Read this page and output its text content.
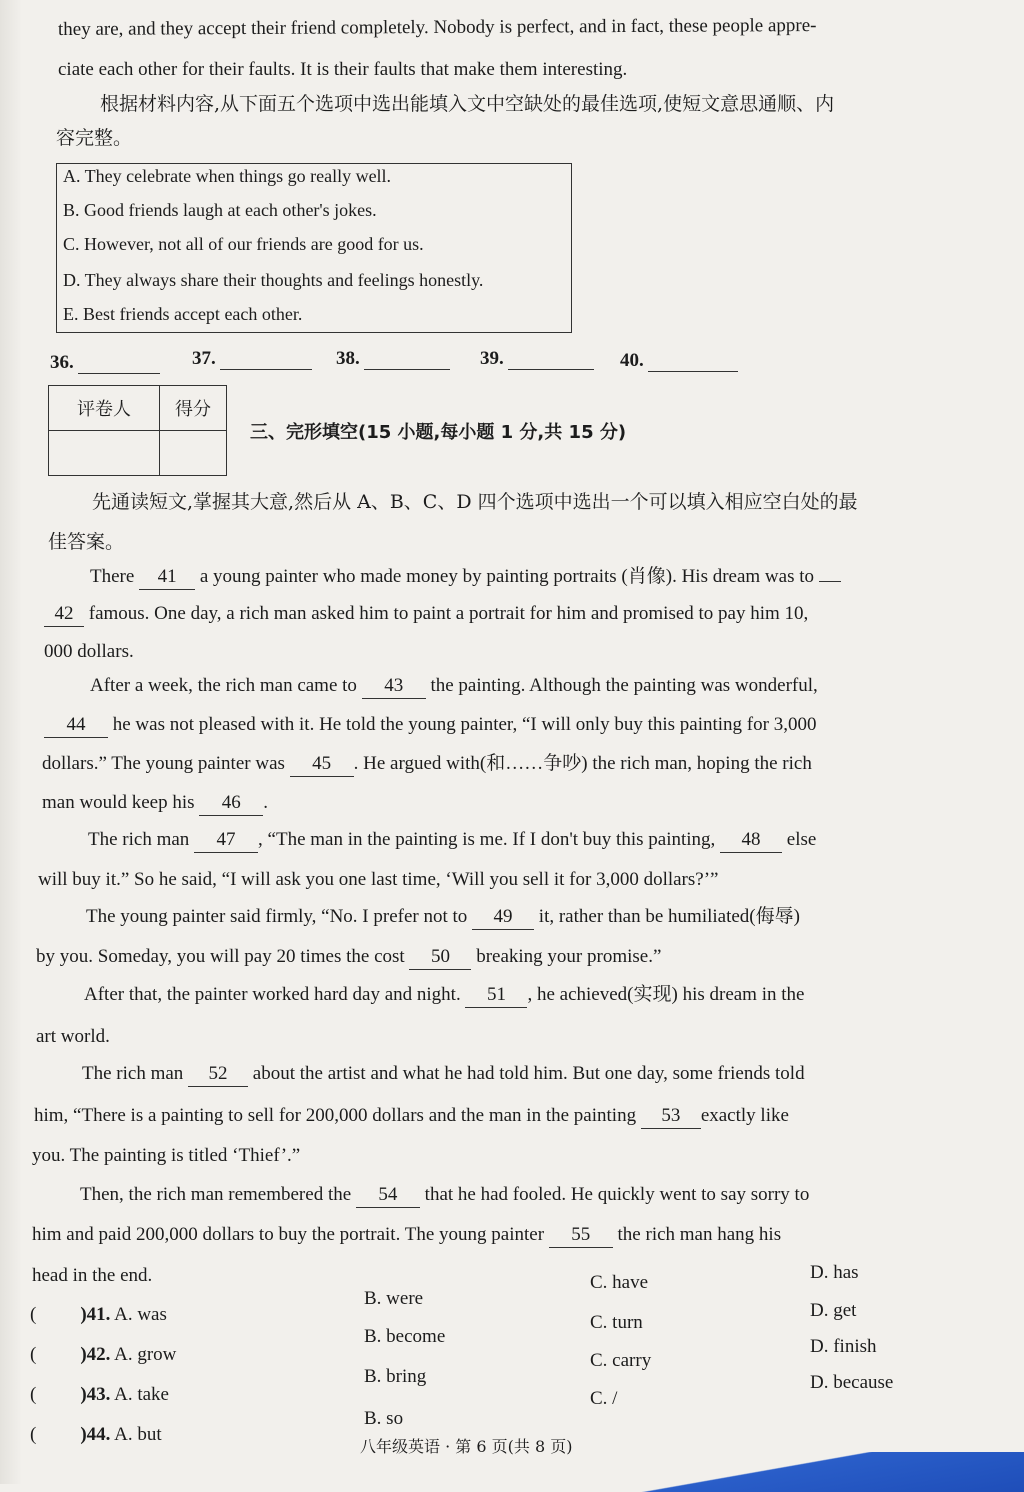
they are, and they accept their friend completely. Nobody is perfect, and in fact, these people appre-
ciate each other for their faults. It is their faults that make them interesting.
根据材料内容,从下面五个选项中选出能填入文中空缺处的最佳选项,使短文意思通顺、内
容完整。
A. They celebrate when things go really well.
B. Good friends laugh at each other's jokes.
C. However, not all of our friends are good for us.
D. They always share their thoughts and feelings honestly.
E. Best friends accept each other.
36.	37.	38.	39.	40.
评卷人	得分

三、完形填空(15 小题,每小题 1 分,共 15 分)
先通读短文,掌握其大意,然后从 A、B、C、D 四个选项中选出一个可以填入相应空白处的最
佳答案。
There 41 a young painter who made money by painting portraits (肖像). His dream was to
42 famous. One day, a rich man asked him to paint a portrait for him and promised to pay him 10,
000 dollars.
After a week, the rich man came to 43 the painting. Although the painting was wonderful,
44 he was not pleased with it. He told the young painter, “I will only buy this painting for 3,000
dollars.” The young painter was 45 . He argued with(和……争吵) the rich man, hoping the rich
man would keep his 46 .
The rich man 47 , “The man in the painting is me. If I don't buy this painting, 48 else
will buy it.” So he said, “I will ask you one last time, ‘Will you sell it for 3,000 dollars?’”
The young painter said firmly, “No. I prefer not to 49 it, rather than be humiliated(侮辱)
by you. Someday, you will pay 20 times the cost 50 breaking your promise.”
After that, the painter worked hard day and night. 51 , he achieved(实现) his dream in the
art world.
The rich man 52 about the artist and what he had told him. But one day, some friends told
him, “There is a painting to sell for 200,000 dollars and the man in the painting 53 exactly like
you. The painting is titled ‘Thief’.”
Then, the rich man remembered the 54 that he had fooled. He quickly went to say sorry to
him and paid 200,000 dollars to buy the portrait. The young painter 55 the rich man hang his
head in the end.
( )41. A. was
B. were
C. have	D. has
( )42. A. grow
B. become
C. turn
D. get
( )43. A. take
B. bring
C. carry
D. finish
( )44. A. but
B. so
C. /
D. because
八年级英语 · 第 6 页(共 8 页)
